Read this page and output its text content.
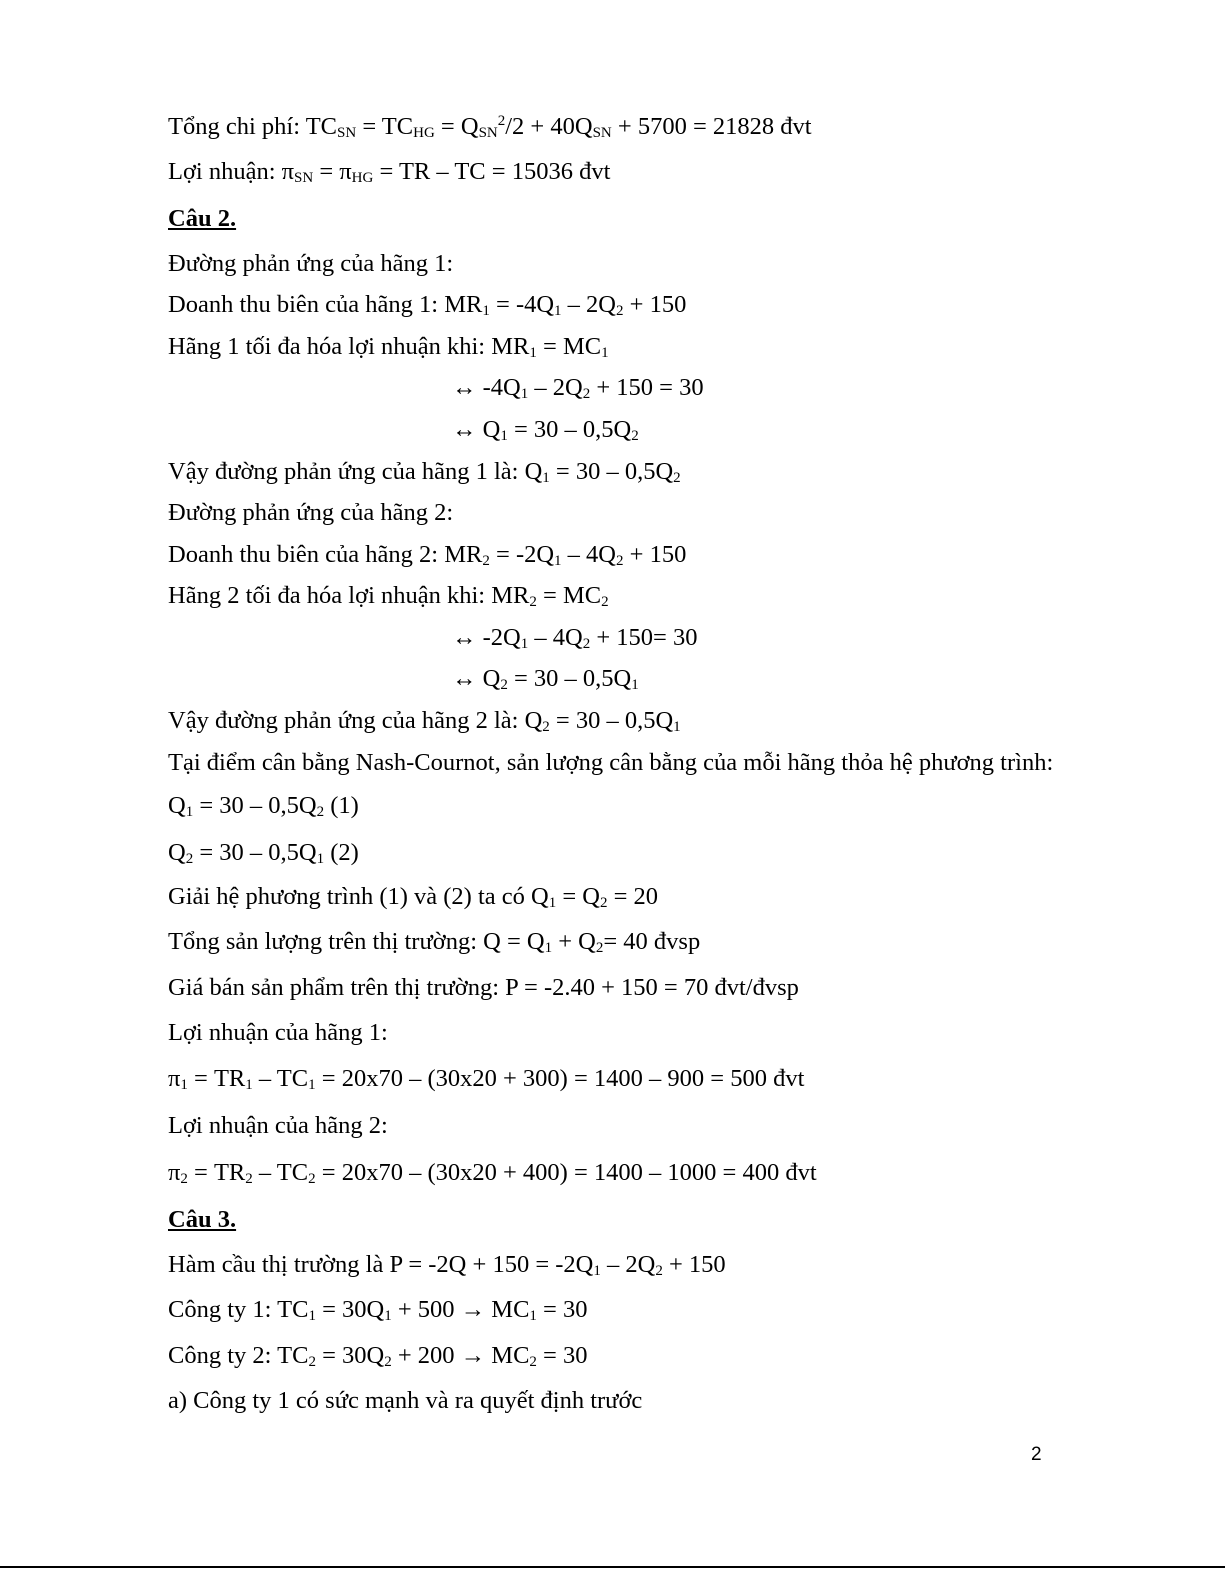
Tổng chi phí: $TC_{SN} = TC_{HG} = Q_{SN}^2/2 + 40Q_{SN} + 5700 = 21828$ đvt
Lợi nhuận: $\pi_{SN} = \pi_{HG}$ = TR – TC = 15036 đvt
Câu 2.
Đường phản ứng của hãng 1:
Doanh thu biên của hãng 1: $MR_1 = -4Q_1 - 2Q_2 + 150$
Hãng 1 tối đa hóa lợi nhuận khi: $MR_1 = MC_1$
↔ $-4Q_1 - 2Q_2 + 150 = 30$
↔ $Q_1 = 30 - 0,5Q_2$
Vậy đường phản ứng của hãng 1 là: $Q_1 = 30 - 0,5Q_2$
Đường phản ứng của hãng 2:
Doanh thu biên của hãng 2: $MR_2 = -2Q_1 - 4Q_2 + 150$
Hãng 2 tối đa hóa lợi nhuận khi: $MR_2 = MC_2$
↔ $-2Q_1 - 4Q_2 + 150= 30$
↔ $Q_2 = 30 - 0,5Q_1$
Vậy đường phản ứng của hãng 2 là: $Q_2 = 30 - 0,5Q_1$
Tại điểm cân bằng Nash-Cournot, sản lượng cân bằng của mỗi hãng thỏa hệ phương trình:
$Q_1 = 30 - 0,5Q_2$ (1)
$Q_2 = 30 - 0,5Q_1$ (2)
Giải hệ phương trình (1) và (2) ta có $Q_1 = Q_2 = 20$
Tổng sản lượng trên thị trường: $Q = Q_1 + Q_2= 40$ đvsp
Giá bán sản phẩm trên thị trường: P = -2.40 + 150 = 70 đvt/đvsp
Lợi nhuận của hãng 1:
$\pi_1 = TR_1 - TC_1 = 20x70 - (30x20 + 300) = 1400 - 900 = 500$ đvt
Lợi nhuận của hãng 2:
$\pi_2 = TR_2 - TC_2 = 20x70 - (30x20 + 400) = 1400 - 1000 = 400$ đvt
Câu 3.
Hàm cầu thị trường là $P = -2Q + 150 = -2Q_1 - 2Q_2 + 150$
Công ty 1: $TC_1 = 30Q_1 + 500 \to MC_1 = 30$
Công ty 2: $TC_2 = 30Q_2 + 200 \to MC_2 = 30$
a) Công ty 1 có sức mạnh và ra quyết định trước
2
